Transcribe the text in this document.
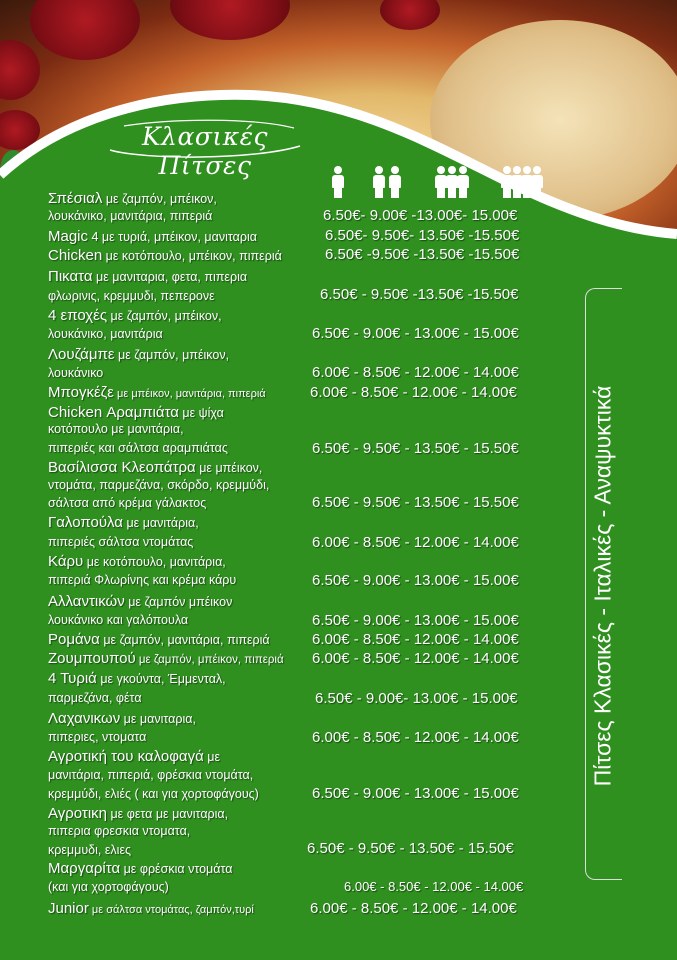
Κλασικές Πίτσες
Σπέσιαλ με ζαμπόν, μπέικον,
λουκάνικο, μανιτάρια, πιπεριά	6.50€- 9.00€ -13.00€- 15.00€
Magic 4 με τυριά, μπέικον, μανιταρια	6.50€- 9.50€- 13.50€ -15.50€
Chicken με κοτόπουλο, μπέικον, πιπεριά	6.50€ -9.50€ -13.50€ -15.50€
Πικατα με μανιταρια, φετα, πιπερια
φλωρινις, κρεμμυδι, πεπερονε	6.50€ - 9.50€ -13.50€ -15.50€
4 εποχές με ζαμπόν, μπέικον,
λουκάνικο, μανιτάρια	6.50€ - 9.00€ - 13.00€ - 15.00€
Λουζάμπε με ζαμπόν, μπέικον,
λουκάνικο	6.00€ - 8.50€ - 12.00€ - 14.00€
Μπογκέζε με μπέικον, μανιτάρια, πιπεριά	6.00€ - 8.50€ - 12.00€ - 14.00€
Chicken Αραμπιάτα με ψίχα
κοτόπουλο με μανιτάρια,
πιπεριές και σάλτσα αραμπιάτας	6.50€ - 9.50€ - 13.50€ - 15.50€
Βασίλισσα Κλεοπάτρα με μπέικον,
ντομάτα, παρμεζάνα, σκόρδο, κρεμμύδι,
σάλτσα από κρέμα γάλακτος	6.50€ - 9.50€ - 13.50€ - 15.50€
Γαλοπούλα με μανιτάρια,
πιπεριές σάλτσα ντομάτας	6.00€ - 8.50€ - 12.00€ - 14.00€
Κάρυ με κοτόπουλο, μανιτάρια,
πιπεριά Φλωρίνης και κρέμα κάρυ	6.50€ - 9.00€ - 13.00€ - 15.00€
Αλλαντικών με ζαμπόν μπέικον
λουκάνικο και γαλόπουλα	6.50€ - 9.00€ - 13.00€ - 15.00€
Ρομάνα με ζαμπόν, μανιτάρια, πιπεριά	6.00€ - 8.50€ - 12.00€ - 14.00€
Ζουμπουπού με ζαμπόν, μπέικον, πιπεριά 6.00€ - 8.50€ - 12.00€ - 14.00€
4 Τυριά με γκούντα, Έμμενταλ,
παρμεζάνα, φέτα	6.50€ - 9.00€- 13.00€ - 15.00€
Λαχανικων με μανιταρια,
πιπεριες, ντοματα	6.00€ - 8.50€ - 12.00€ - 14.00€
Αγροτική του καλοφαγά με
μανιτάρια, πιπεριά, φρέσκια ντομάτα,
κρεμμύδι, ελιές ( και για χορτοφάγους)	6.50€ - 9.00€ - 13.00€ - 15.00€
Αγροτικη με φετα με μανιταρια,
πιπερια φρεσκια ντοματα,
κρεμμυδι, ελιες	6.50€ - 9.50€ - 13.50€ - 15.50€
Μαργαρίτα με φρέσκια ντομάτα
(και για χορτοφάγους)	6.00€ - 8.50€ - 12.00€ - 14.00€
Junior με σάλτσα ντομάτας, ζαμπόν,τυρί	6.00€ - 8.50€ - 12.00€ - 14.00€
Πίτσες Κλασικές - Ιταλικές - Αναψυκτικά
